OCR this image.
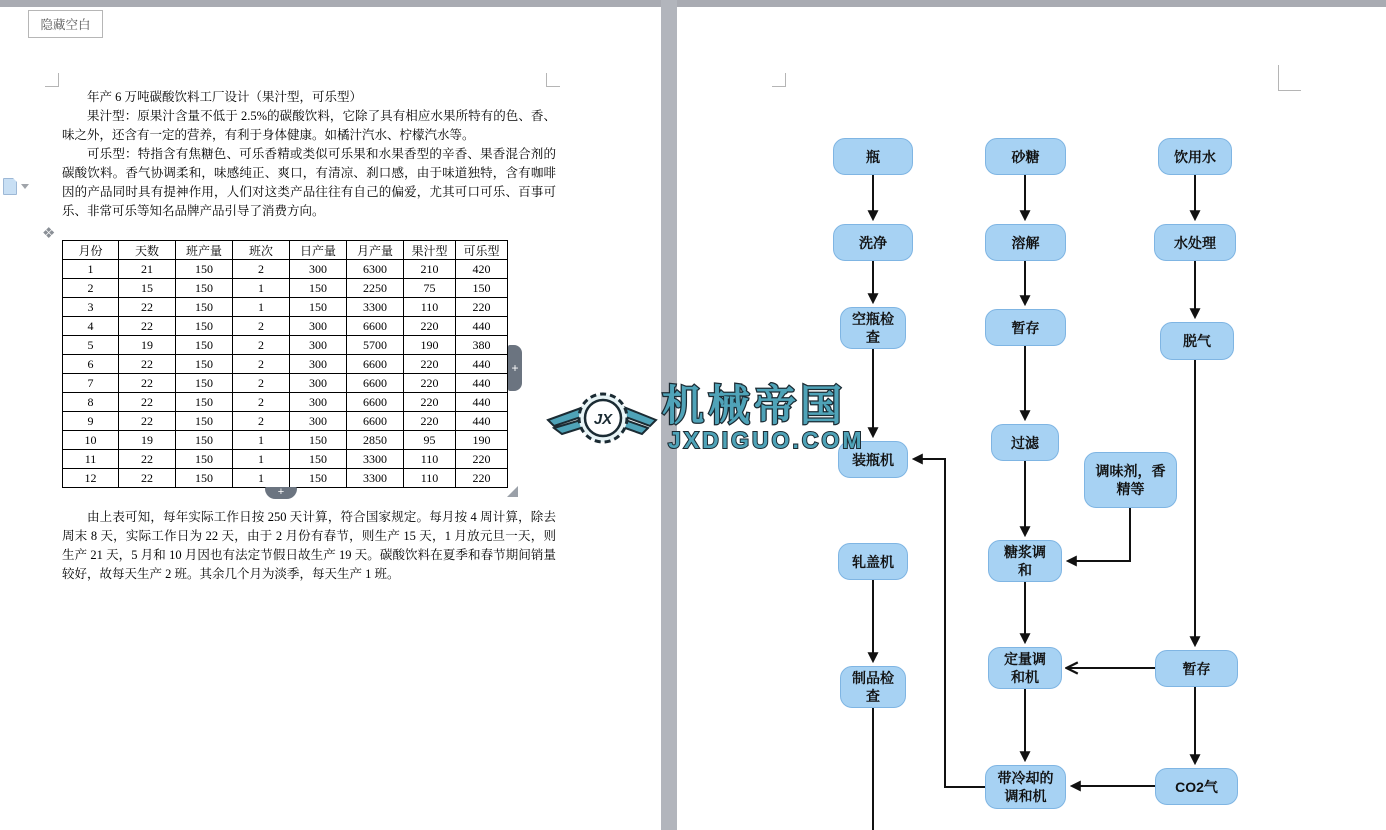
隐藏空白

年产 6 万吨碳酸饮料工厂设计（果汁型，可乐型）

果汁型：原果汁含量不低于 2.5%的碳酸饮料，它除了具有相应水果所特有的色、香、味之外，还含有一定的营养，有利于身体健康。如橘汁汽水、柠檬汽水等。

可乐型：特指含有焦糖色、可乐香精或类似可乐果和水果香型的辛香、果香混合剂的碳酸饮料。香气协调柔和，味感纯正、爽口，有清凉、刹口感，由于味道独特，含有咖啡因的产品同时具有提神作用，人们对这类产品往往有自己的偏爱，尤其可口可乐、百事可乐、非常可乐等知名品牌产品引导了消费方向。

❖
月份	天数	班产量	班次	日产量	月产量	果汁型	可乐型
1	21	150	2	300	6300	210	420
2	15	150	1	150	2250	75	150
3	22	150	1	150	3300	110	220
4	22	150	2	300	6600	220	440
5	19	150	2	300	5700	190	380
6	22	150	2	300	6600	220	440
7	22	150	2	300	6600	220	440
8	22	150	2	300	6600	220	440
9	22	150	2	300	6600	220	440
10	19	150	1	150	2850	95	190
11	22	150	1	150	3300	110	220
12	22	150	1	150	3300	110	220
+
+

由上表可知，每年实际工作日按 250 天计算，符合国家规定。每月按 4 周计算，除去周末 8 天，实际工作日为 22 天，由于 2 月份有春节，则生产 15 天，1 月放元旦一天，则生产 21 天，5 月和 10 月因也有法定节假日故生产 19 天。碳酸饮料在夏季和春节期间销量较好，故每天生产 2 班。其余几个月为淡季，每天生产 1 班。

JX 机械帝国
JXDIGUO.COM
瓶	砂糖	饮用水
洗净	溶解	水处理
空瓶检查
暂存
脱气
装瓶机
过滤
调味剂，香精等
轧盖机
糖浆调和
制品检查
定量调和机
暂存
带冷却的调和机
CO2气
